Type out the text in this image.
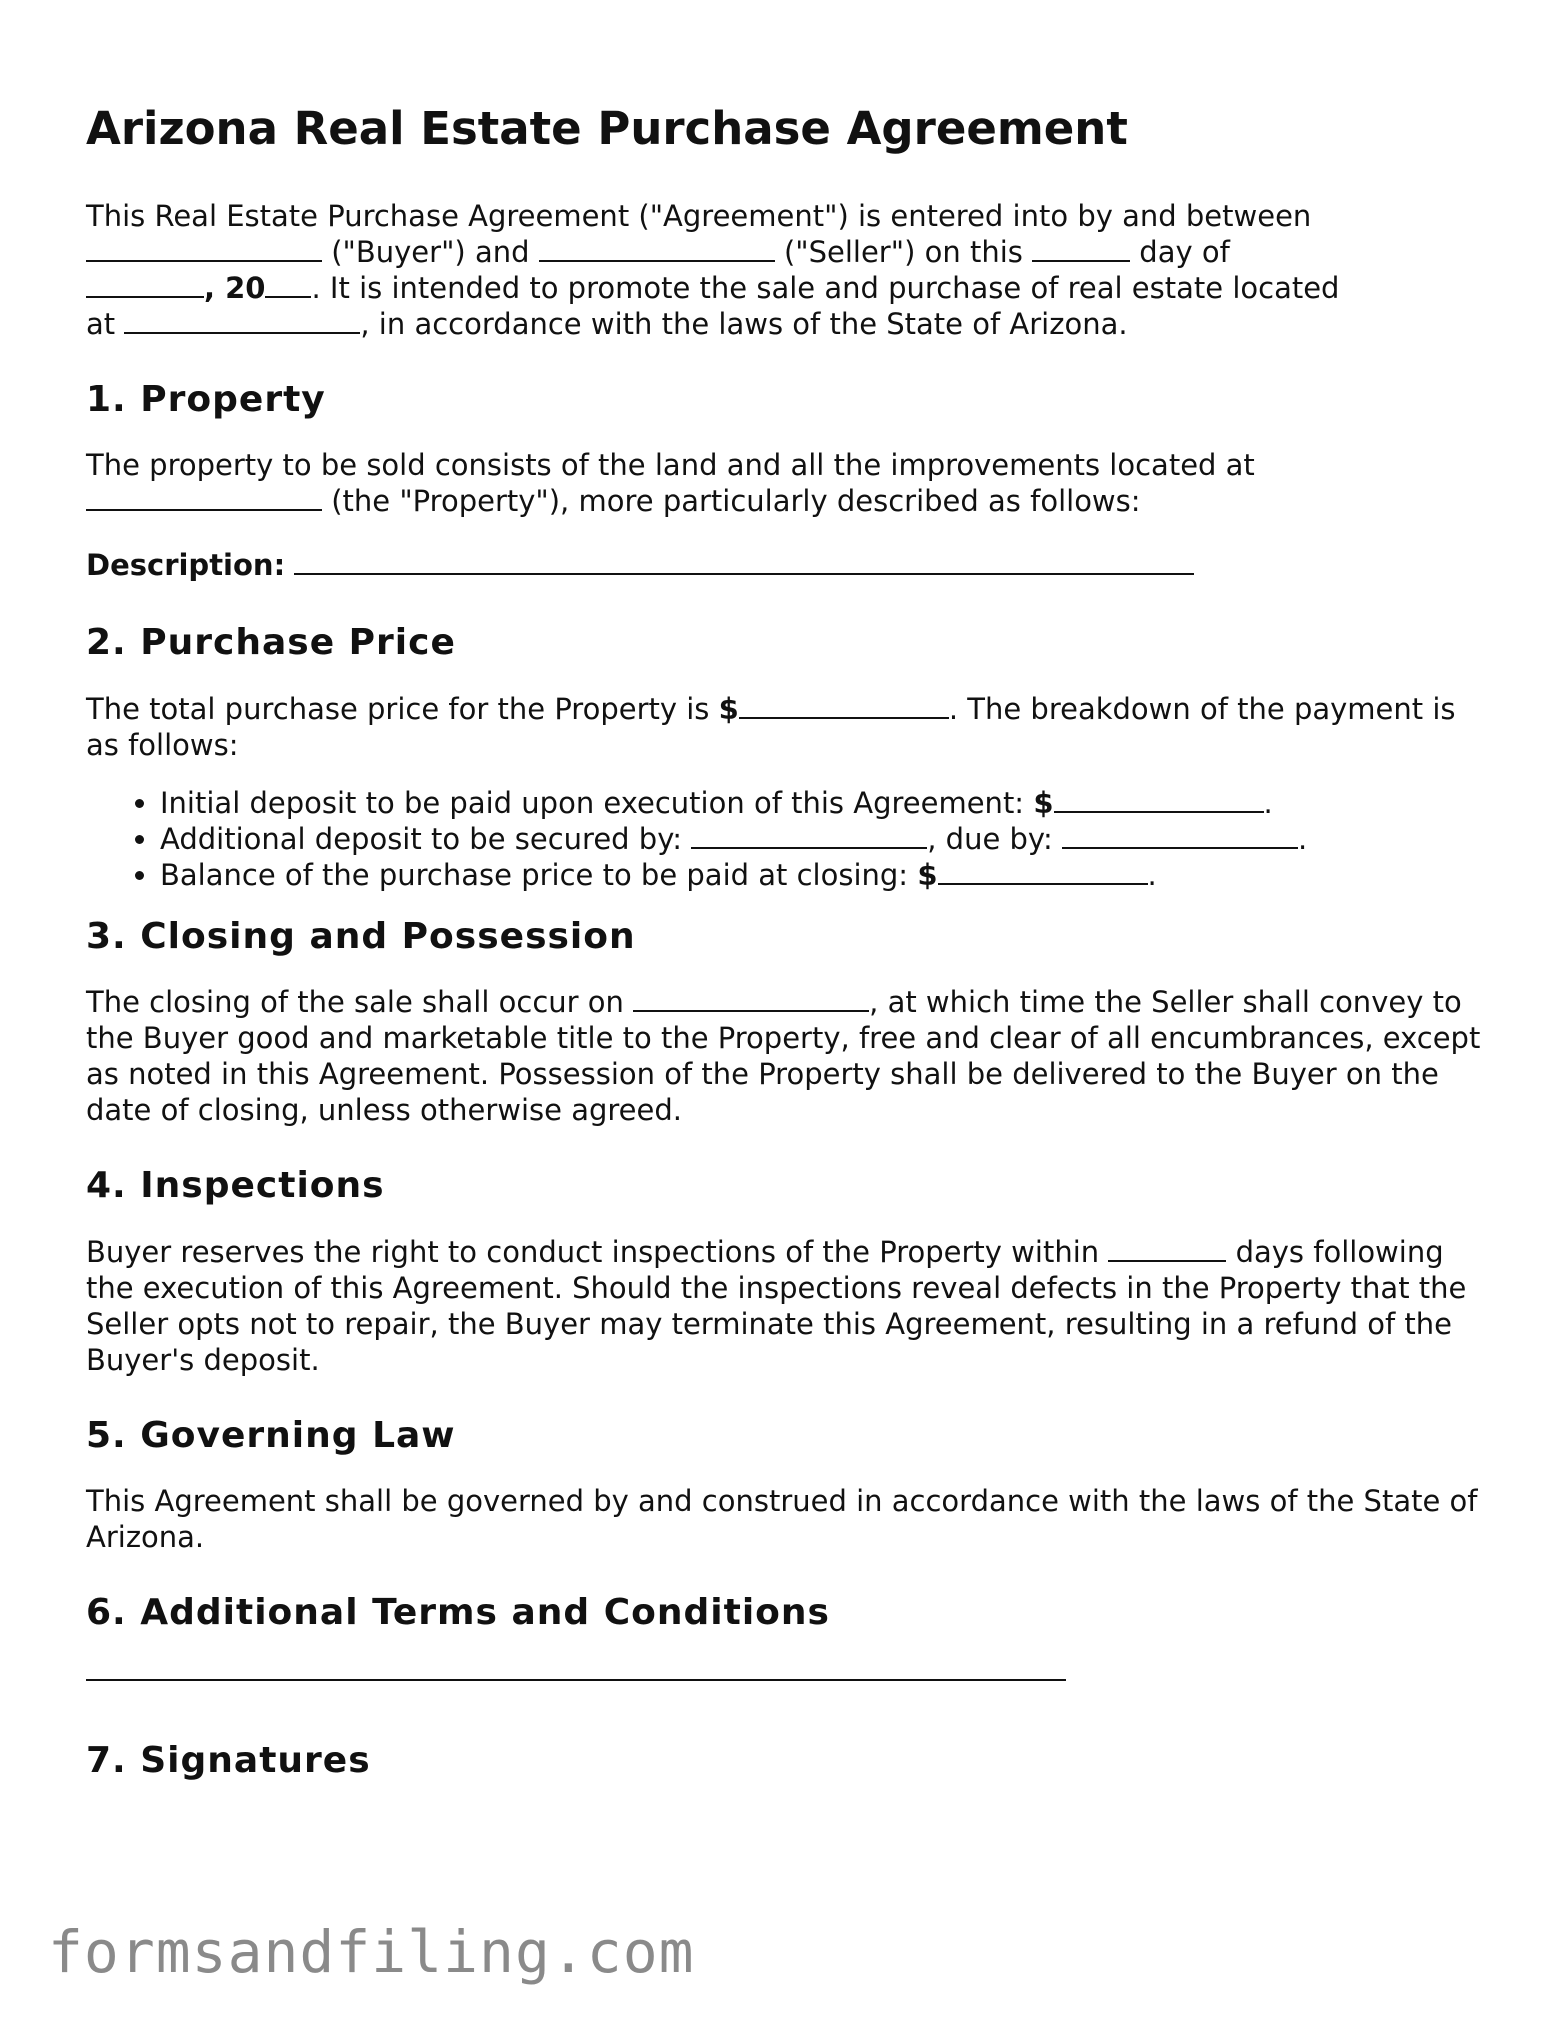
Arizona Real Estate Purchase Agreement

This Real Estate Purchase Agreement ("Agreement") is entered into by and between
("Buyer") and	("Seller") on this	day of
, 20 . It is intended to promote the sale and purchase of real estate located
at	, in accordance with the laws of the State of Arizona.

1. Property

The property to be sold consists of the land and all the improvements located at
(the "Property"), more particularly described as follows:

Description:
2. Purchase Price

The total purchase price for the Property is $	. The breakdown of the payment is as follows:

• Initial deposit to be paid upon execution of this Agreement: $	.
• Additional deposit to be secured by:	, due by:	.
• Balance of the purchase price to be paid at closing: $	.
3. Closing and Possession

The closing of the sale shall occur on	, at which time the Seller shall convey to the Buyer good and marketable title to the Property, free and clear of all encumbrances, except as noted in this Agreement. Possession of the Property shall be delivered to the Buyer on the date of closing, unless otherwise agreed.

4. Inspections

Buyer reserves the right to conduct inspections of the Property within	days following the execution of this Agreement. Should the inspections reveal defects in the Property that the Seller opts not to repair, the Buyer may terminate this Agreement, resulting in a refund of the Buyer's deposit.

5. Governing Law

This Agreement shall be governed by and construed in accordance with the laws of the State of Arizona.

6. Additional Terms and Conditions
7. Signatures
formsandfiling.com
